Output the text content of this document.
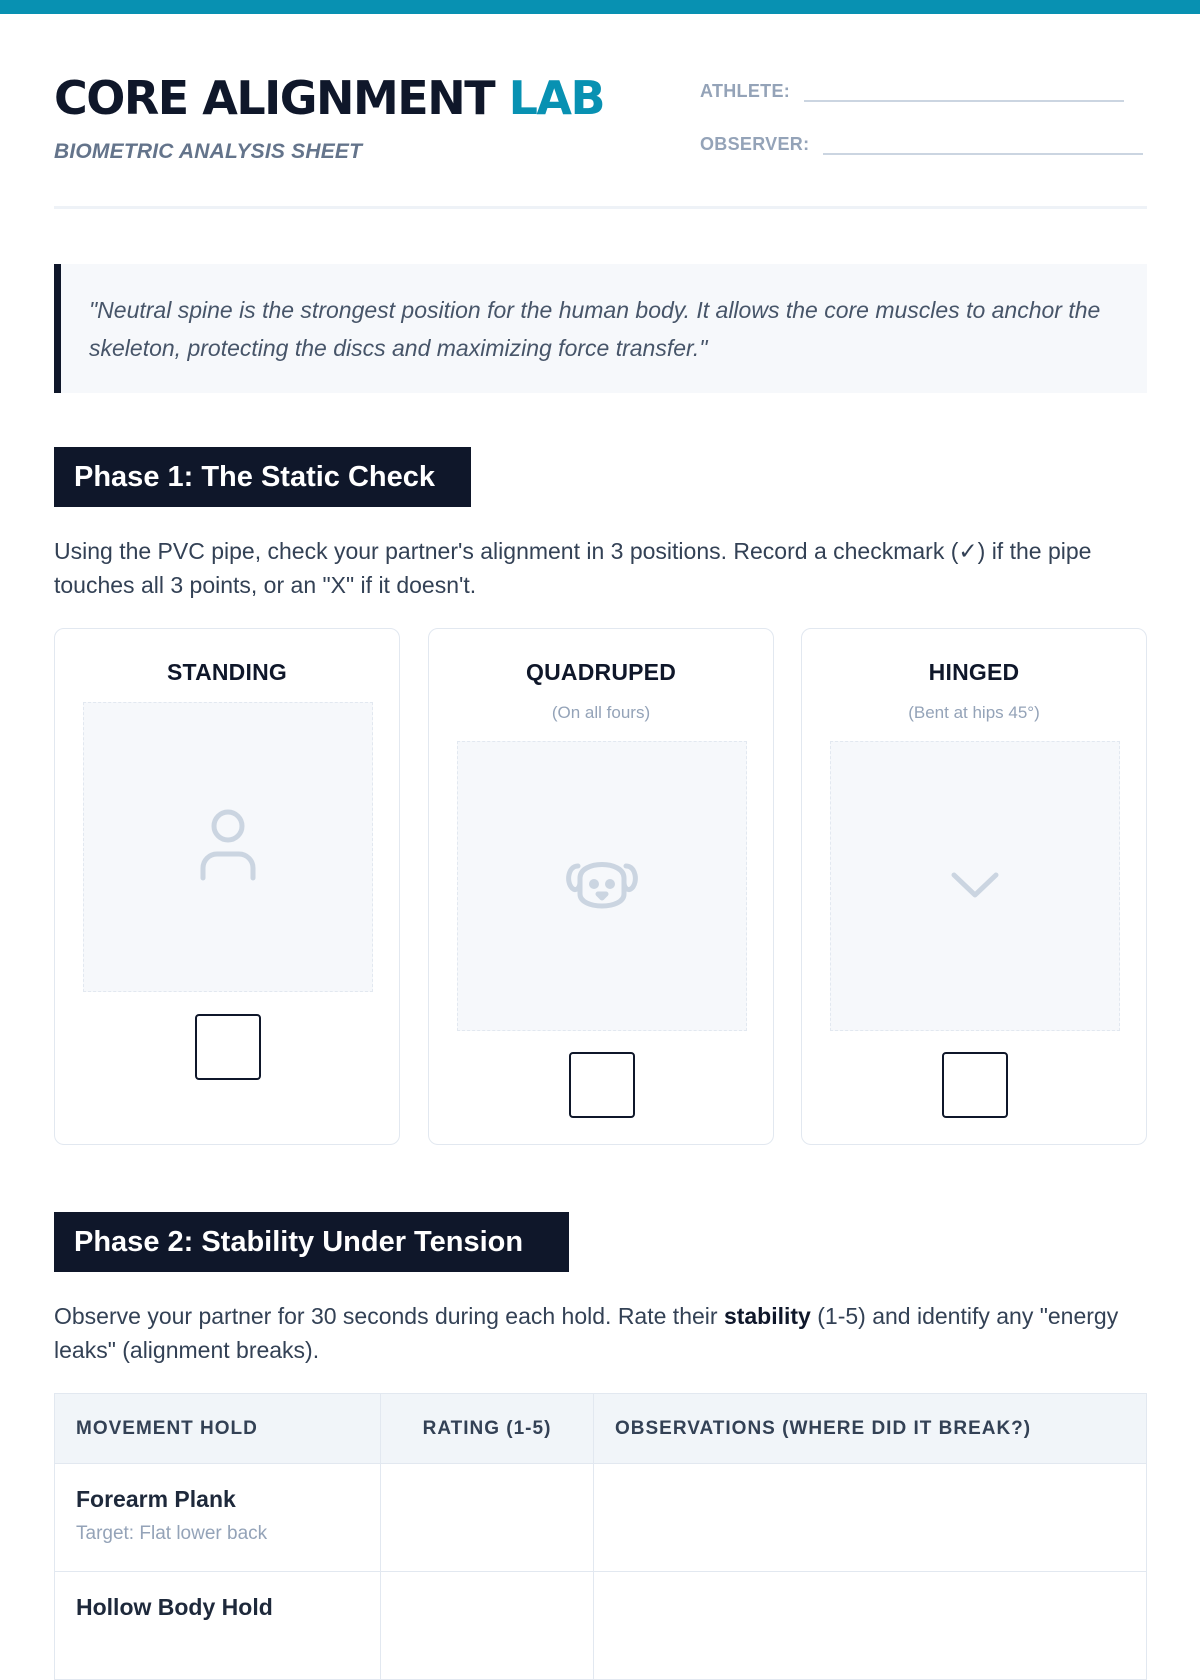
CORE ALIGNMENT LAB
BIOMETRIC ANALYSIS SHEET
ATHLETE:
OBSERVER:

"Neutral spine is the strongest position for the human body. It allows the core muscles to anchor the skeleton, protecting the discs and maximizing force transfer."

Phase 1: The Static Check

Using the PVC pipe, check your partner's alignment in 3 positions. Record a checkmark (✓) if the pipe touches all 3 points, or an "X" if it doesn't.

STANDING	QUADRUPED
(On all fours)
HINGED
(Bent at hips 45°)
Phase 2: Stability Under Tension

Observe your partner for 30 seconds during each hold. Rate their stability (1-5) and identify any "energy leaks" (alignment breaks).

MOVEMENT HOLD	RATING (1-5)	OBSERVATIONS (WHERE DID IT BREAK?)
Forearm Plank
Target: Flat lower back
Hollow Body Hold
